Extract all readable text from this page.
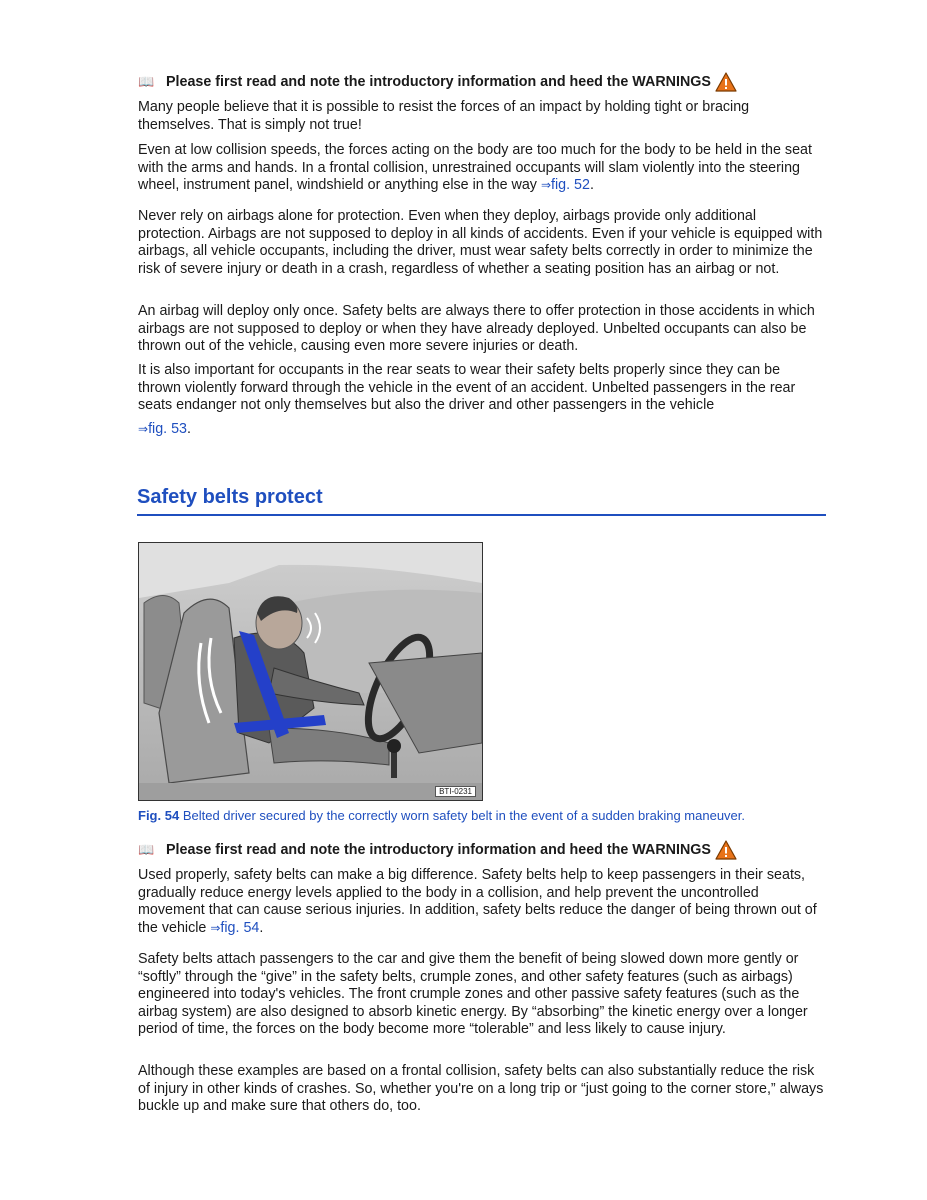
📖 Please first read and note the introductory information and heed the WARNINGS

Many people believe that it is possible to resist the forces of an impact by holding tight or bracing themselves. That is simply not true!

Even at low collision speeds, the forces acting on the body are too much for the body to be held in the seat with the arms and hands. In a frontal collision, unrestrained occupants will slam violently into the steering wheel, instrument panel, windshield or anything else in the way ⇒fig. 52.

Never rely on airbags alone for protection. Even when they deploy, airbags provide only additional protection. Airbags are not supposed to deploy in all kinds of accidents. Even if your vehicle is equipped with airbags, all vehicle occupants, including the driver, must wear safety belts correctly in order to minimize the risk of severe injury or death in a crash, regardless of whether a seating position has an airbag or not.

An airbag will deploy only once. Safety belts are always there to offer protection in those accidents in which airbags are not supposed to deploy or when they have already deployed. Unbelted occupants can also be thrown out of the vehicle, causing even more severe injuries or death.

It is also important for occupants in the rear seats to wear their safety belts properly since they can be thrown violently forward through the vehicle in the event of an accident. Unbelted passengers in the rear seats endanger not only themselves but also the driver and other passengers in the vehicle
⇒fig. 53.

Safety belts protect
BTI-0231
Fig. 54 Belted driver secured by the correctly worn safety belt in the event of a sudden braking maneuver.
📖 Please first read and note the introductory information and heed the WARNINGS

Used properly, safety belts can make a big difference. Safety belts help to keep passengers in their seats, gradually reduce energy levels applied to the body in a collision, and help prevent the uncontrolled movement that can cause serious injuries. In addition, safety belts reduce the danger of being thrown out of the vehicle ⇒fig. 54.

Safety belts attach passengers to the car and give them the benefit of being slowed down more gently or “softly” through the “give” in the safety belts, crumple zones, and other safety features (such as airbags) engineered into today's vehicles. The front crumple zones and other passive safety features (such as the airbag system) are also designed to absorb kinetic energy. By “absorbing” the kinetic energy over a longer period of time, the forces on the body become more “tolerable” and less likely to cause injury.

Although these examples are based on a frontal collision, safety belts can also substantially reduce the risk of injury in other kinds of crashes. So, whether you're on a long trip or “just going to the corner store,” always buckle up and make sure that others do, too.
